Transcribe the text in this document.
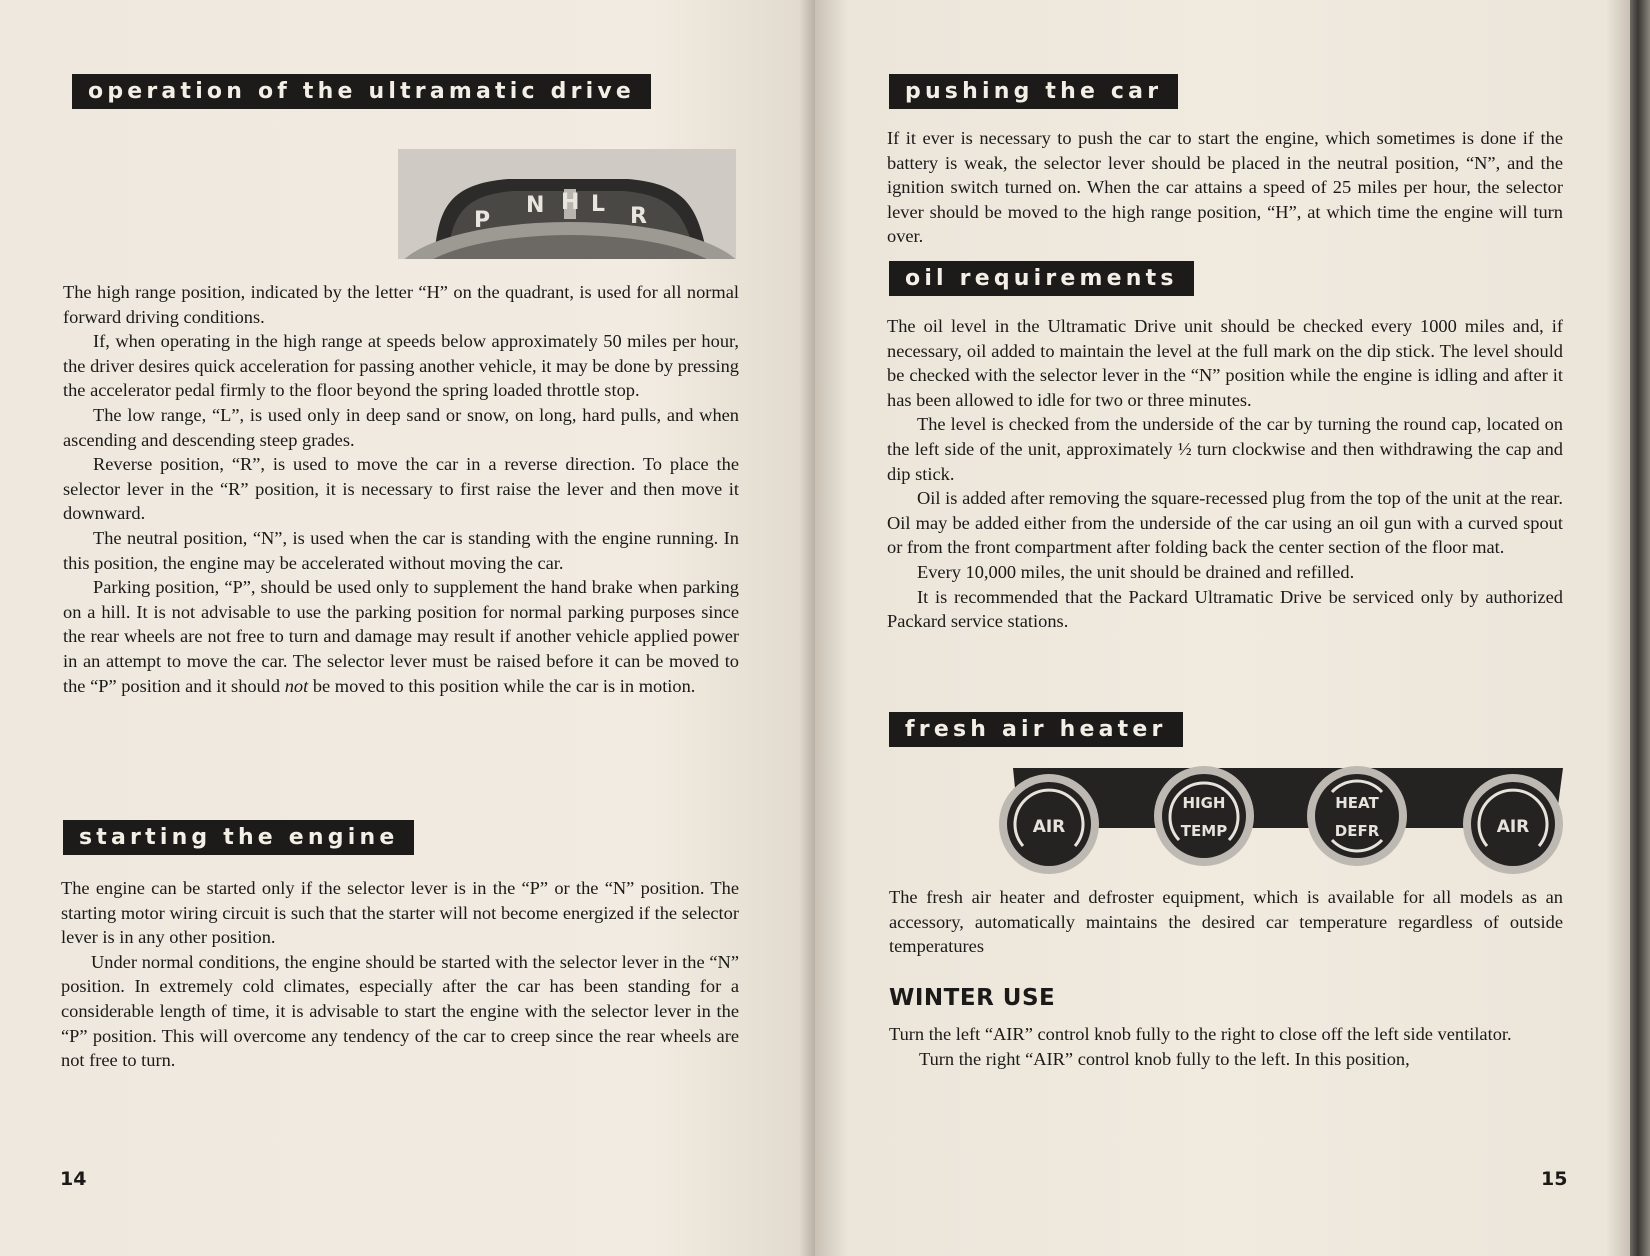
operation of the ultramatic drive
P
N H L R

The high range position, indicated by the letter “H” on the quadrant, is used for all normal forward driving conditions.

If, when operating in the high range at speeds below approximately 50 miles per hour, the driver desires quick acceleration for passing another vehicle, it may be done by pressing the accelerator pedal firmly to the floor beyond the spring loaded throttle stop.

The low range, “L”, is used only in deep sand or snow, on long, hard pulls, and when ascending and descending steep grades.

Reverse position, “R”, is used to move the car in a reverse direction. To place the selector lever in the “R” position, it is necessary to first raise the lever and then move it downward.

The neutral position, “N”, is used when the car is standing with the engine running. In this position, the engine may be accelerated without moving the car.

Parking position, “P”, should be used only to supplement the hand brake when parking on a hill. It is not advisable to use the parking position for normal parking purposes since the rear wheels are not free to turn and damage may result if another vehicle applied power in an attempt to move the car. The selector lever must be raised before it can be moved to the “P” position and it should not be moved to this position while the car is in motion.

starting the engine

The engine can be started only if the selector lever is in the “P” or the “N” position. The starting motor wiring circuit is such that the starter will not become energized if the selector lever is in any other position.

Under normal conditions, the engine should be started with the selector lever in the “N” position. In extremely cold climates, especially after the car has been standing for a considerable length of time, it is advisable to start the engine with the selector lever in the “P” position. This will overcome any tendency of the car to creep since the rear wheels are not free to turn.

14
pushing the car

If it ever is necessary to push the car to start the engine, which sometimes is done if the battery is weak, the selector lever should be placed in the neutral position, “N”, and the ignition switch turned on. When the car attains a speed of 25 miles per hour, the selector lever should be moved to the high range position, “H”, at which time the engine will turn over.

oil requirements

The oil level in the Ultramatic Drive unit should be checked every 1000 miles and, if necessary, oil added to maintain the level at the full mark on the dip stick. The level should be checked with the selector lever in the “N” position while the engine is idling and after it has been allowed to idle for two or three minutes.

The level is checked from the underside of the car by turning the round cap, located on the left side of the unit, approximately ½ turn clockwise and then withdrawing the cap and dip stick.

Oil is added after removing the square-recessed plug from the top of the unit at the rear. Oil may be added either from the underside of the car using an oil gun with a curved spout or from the front compartment after folding back the center section of the floor mat.

Every 10,000 miles, the unit should be drained and refilled.

It is recommended that the Packard Ultramatic Drive be serviced only by authorized Packard service stations.

fresh air heater
AIR
HIGH
TEMP
HEAT
DEFR	AIR

The fresh air heater and defroster equipment, which is available for all models as an accessory, automatically maintains the desired car temperature regardless of outside temperatures

WINTER USE

Turn the left “AIR” control knob fully to the right to close off the left side ventilator.

Turn the right “AIR” control knob fully to the left. In this position,

15
